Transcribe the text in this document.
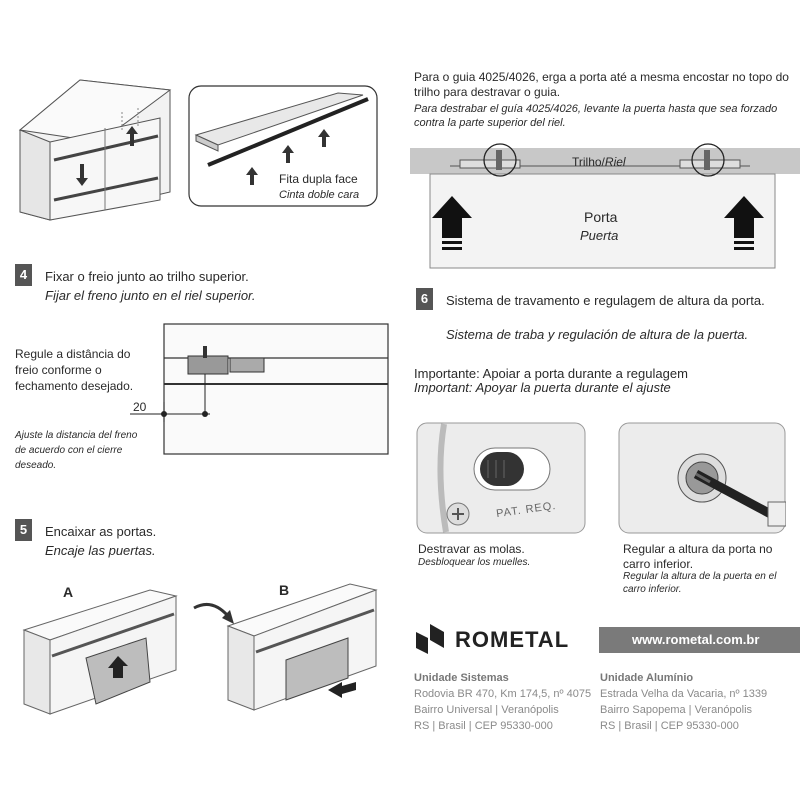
Fita dupla face
Cinta doble cara
Para o guia 4025/4026, erga a porta até a mesma encostar no topo do trilho para destravar o guia.
Para destrabar el guía 4025/4026, levante la puerta hasta que sea forzado contra la parte superior del riel.
Trilho/Riel
Porta
Puerta
4	Fixar o freio junto ao trilho superior.
Fijar el freno junto en el riel superior.
Regule a distância do freio conforme o fechamento desejado.
Ajuste la distancia del freno de acuerdo con el cierre deseado.
20
5	Encaixar as portas.
Encaje las puertas.
A	B
6	Sistema de travamento e regulagem de altura da porta.
Sistema de traba y regulación de altura de la puerta.
Importante: Apoiar a porta durante a regulagem
Important: Apoyar la puerta durante el ajuste
PAT. REQ.
Destravar as molas.
Desbloquear los muelles.
Regular a altura da porta no carro inferior.
Regular la altura de la puerta en el carro inferior.
ROMETAL	www.rometal.com.br
Unidade Sistemas
Rodovia BR 470, Km 174,5, nº 4075
Bairro Universal | Veranópolis
RS | Brasil | CEP 95330-000
Unidade Alumínio
Estrada Velha da Vacaria, nº 1339
Bairro Sapopema | Veranópolis
RS | Brasil | CEP 95330-000
